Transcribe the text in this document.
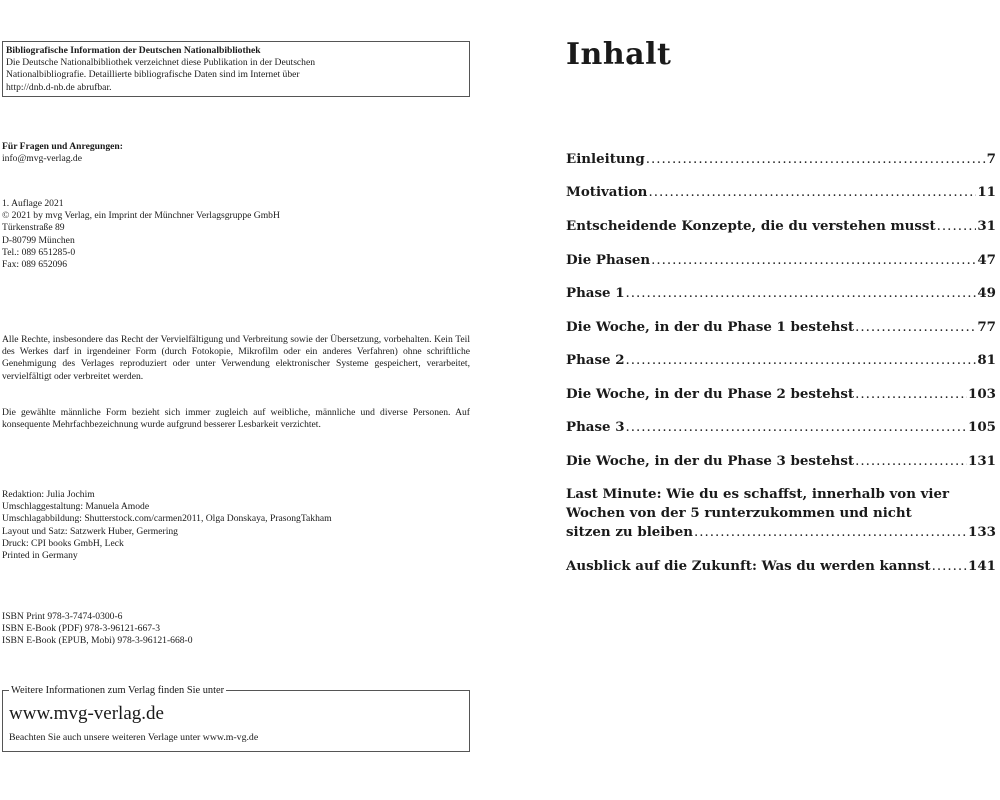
Bibliografische Information der Deutschen Nationalbibliothek
Die Deutsche Nationalbibliothek verzeichnet diese Publikation in der Deutschen
Nationalbibliografie. Detaillierte bibliografische Daten sind im Internet über
http://dnb.d-nb.de abrufbar.
Für Fragen und Anregungen:
info@mvg-verlag.de
1. Auflage 2021
© 2021 by mvg Verlag, ein Imprint der Münchner Verlagsgruppe GmbH
Türkenstraße 89
D-80799 München
Tel.: 089 651285-0
Fax: 089 652096

Alle Rechte, insbesondere das Recht der Vervielfältigung und Verbreitung sowie der Übersetzung, vorbehalten. Kein Teil des Werkes darf in irgendeiner Form (durch Fotokopie, Mikrofilm oder ein anderes Verfahren) ohne schriftliche Genehmigung des Verlages reproduziert oder unter Verwendung elektronischer Systeme gespeichert, verarbeitet, vervielfältigt oder verbreitet werden.

Die gewählte männliche Form bezieht sich immer zugleich auf weibliche, männliche und diverse Personen. Auf konsequente Mehrfachbezeichnung wurde aufgrund besserer Lesbarkeit verzichtet.

Redaktion: Julia Jochim
Umschlaggestaltung: Manuela Amode
Umschlagabbildung: Shutterstock.com/carmen2011, Olga Donskaya, PrasongTakham
Layout und Satz: Satzwerk Huber, Germering
Druck: CPI books GmbH, Leck
Printed in Germany
ISBN Print 978-3-7474-0300-6
ISBN E-Book (PDF) 978-3-96121-667-3
ISBN E-Book (EPUB, Mobi) 978-3-96121-668-0
Weitere Informationen zum Verlag finden Sie unter
www.mvg-verlag.de
Beachten Sie auch unsere weiteren Verlage unter www.m-vg.de
Inhalt
Einleitung .....	7
Motivation .....	11
Entscheidende Konzepte, die du verstehen musst .....	31
Die Phasen .....	47
Phase 1 .....	49
Die Woche, in der du Phase 1 bestehst .....	77
Phase 2 .....	81
Die Woche, in der du Phase 2 bestehst .....	103
Phase 3 .....	105
Die Woche, in der du Phase 3 bestehst .....	131
Last Minute: Wie du es schaffst, innerhalb von vier
Wochen von der 5 runterzukommen und nicht
sitzen zu bleiben .....	133
Ausblick auf die Zukunft: Was du werden kannst .....	141
